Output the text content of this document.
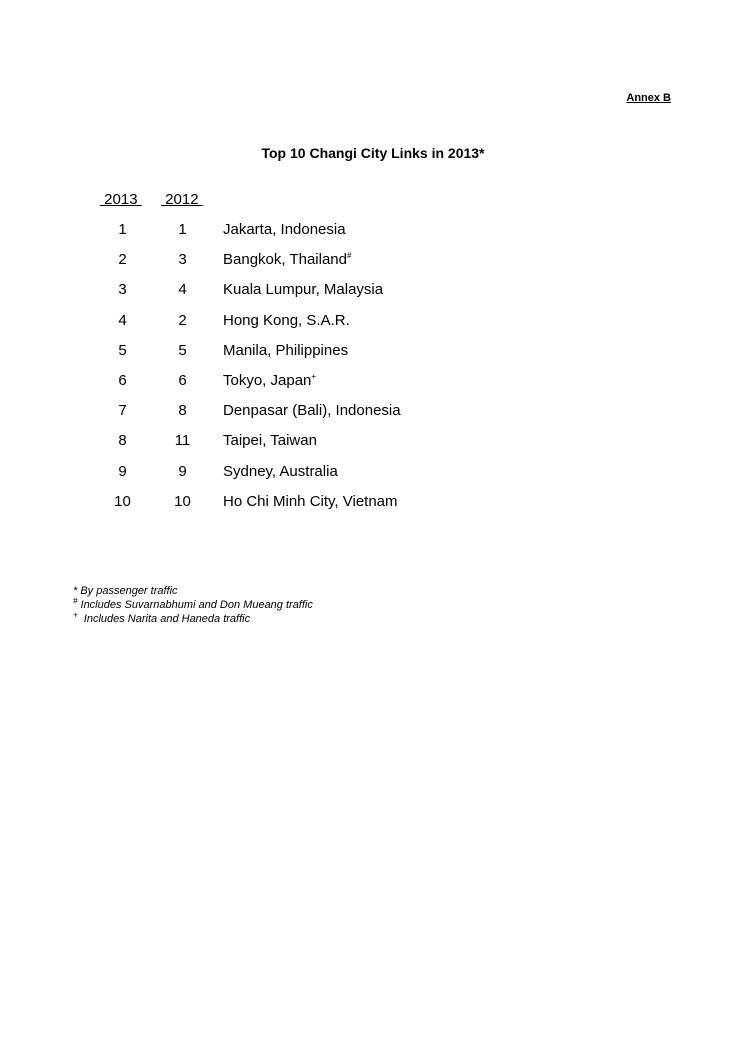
Annex B
Top 10 Changi City Links in 2013*
2013 2012
1	1	Jakarta, Indonesia
2	3	Bangkok, Thailand#
3	4	Kuala Lumpur, Malaysia
4	2	Hong Kong, S.A.R.
5	5	Manila, Philippines
6	6	Tokyo, Japan+
7	8	Denpasar (Bali), Indonesia
8	11	Taipei, Taiwan
9	9	Sydney, Australia
10	10	Ho Chi Minh City, Vietnam
* By passenger traffic
# Includes Suvarnabhumi and Don Mueang traffic
+  Includes Narita and Haneda traffic
